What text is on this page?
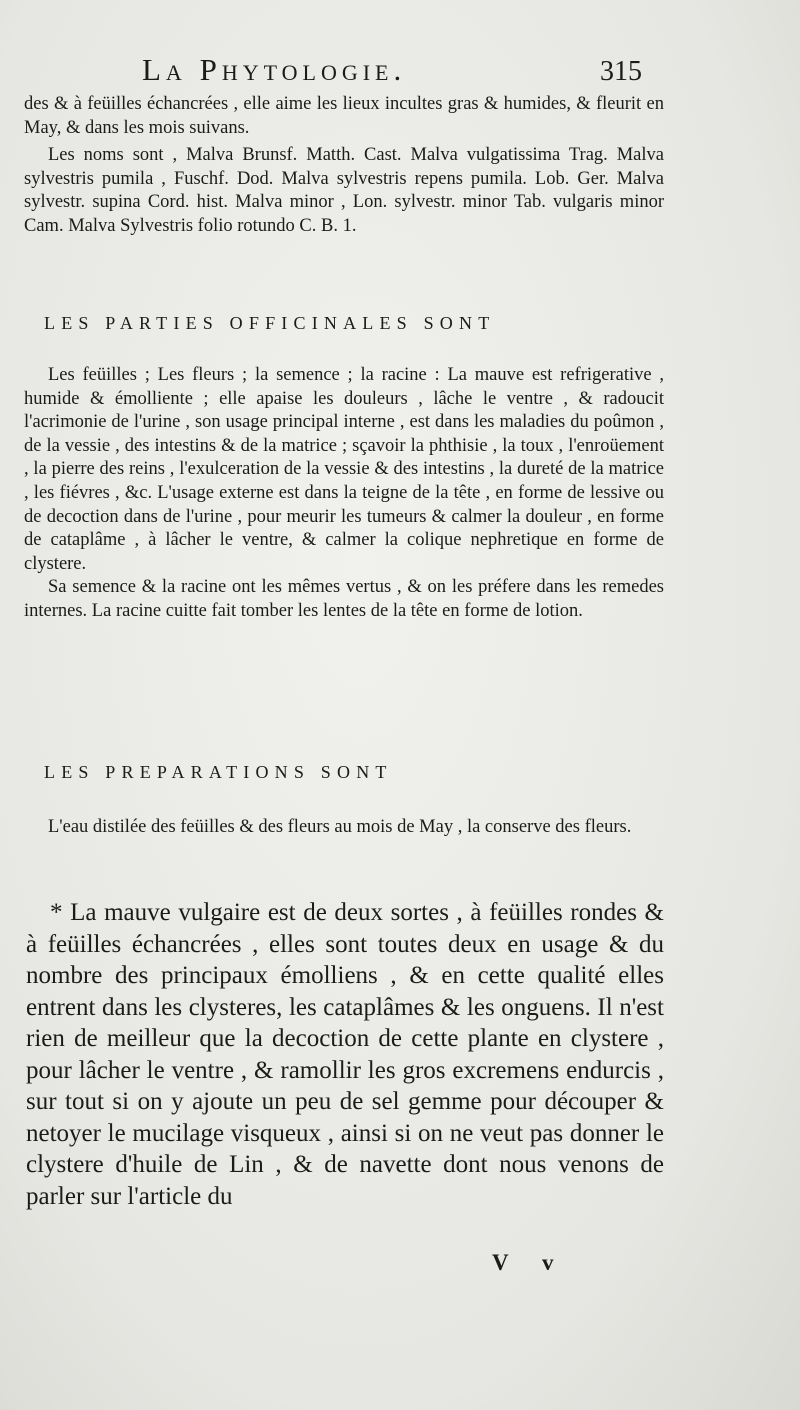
La Phytologie.	315

des & à feüilles échancrées , elle aime les lieux incultes gras & humides, & fleurit en May, & dans les mois suivans.

Les noms sont , Malva Brunsf. Matth. Cast. Malva vulgatissima Trag. Malva sylvestris pumila , Fuschf. Dod. Malva sylvestris repens pumila. Lob. Ger. Malva sylvestr. supina Cord. hist. Malva minor , Lon. sylvestr. minor Tab. vulgaris minor Cam. Malva Sylvestris folio rotundo C. B. 1.

LES PARTIES OFFICINALES SONT

Les feüilles ; Les fleurs ; la semence ; la racine : La mauve est refrigerative , humide & émolliente ; elle apaise les douleurs , lâche le ventre , & radoucit l'acrimonie de l'urine , son usage principal interne , est dans les maladies du poûmon , de la vessie , des intestins & de la matrice ; sçavoir la phthisie , la toux , l'enroüement , la pierre des reins , l'exulceration de la vessie & des intestins , la dureté de la matrice , les fiévres , &c. L'usage externe est dans la teigne de la tête , en forme de lessive ou de decoction dans de l'urine , pour meurir les tumeurs & calmer la douleur , en forme de cataplâme , à lâcher le ventre, & calmer la colique nephretique en forme de clystere.

Sa semence & la racine ont les mêmes vertus , & on les préfere dans les remedes internes. La racine cuitte fait tomber les lentes de la tête en forme de lotion.

LES PREPARATIONS SONT

L'eau distilée des feüilles & des fleurs au mois de May , la conserve des fleurs.

* La mauve vulgaire est de deux sortes , à feüilles rondes & à feüilles échancrées , elles sont toutes deux en usage & du nombre des principaux émolliens , & en cette qualité elles entrent dans les clysteres, les cataplâmes & les onguens. Il n'est rien de meilleur que la decoction de cette plante en clystere , pour lâcher le ventre , & ramollir les gros excremens endurcis , sur tout si on y ajoute un peu de sel gemme pour découper & netoyer le mucilage visqueux , ainsi si on ne veut pas donner le clystere d'huile de Lin , & de navette dont nous venons de parler sur l'article du

V v
